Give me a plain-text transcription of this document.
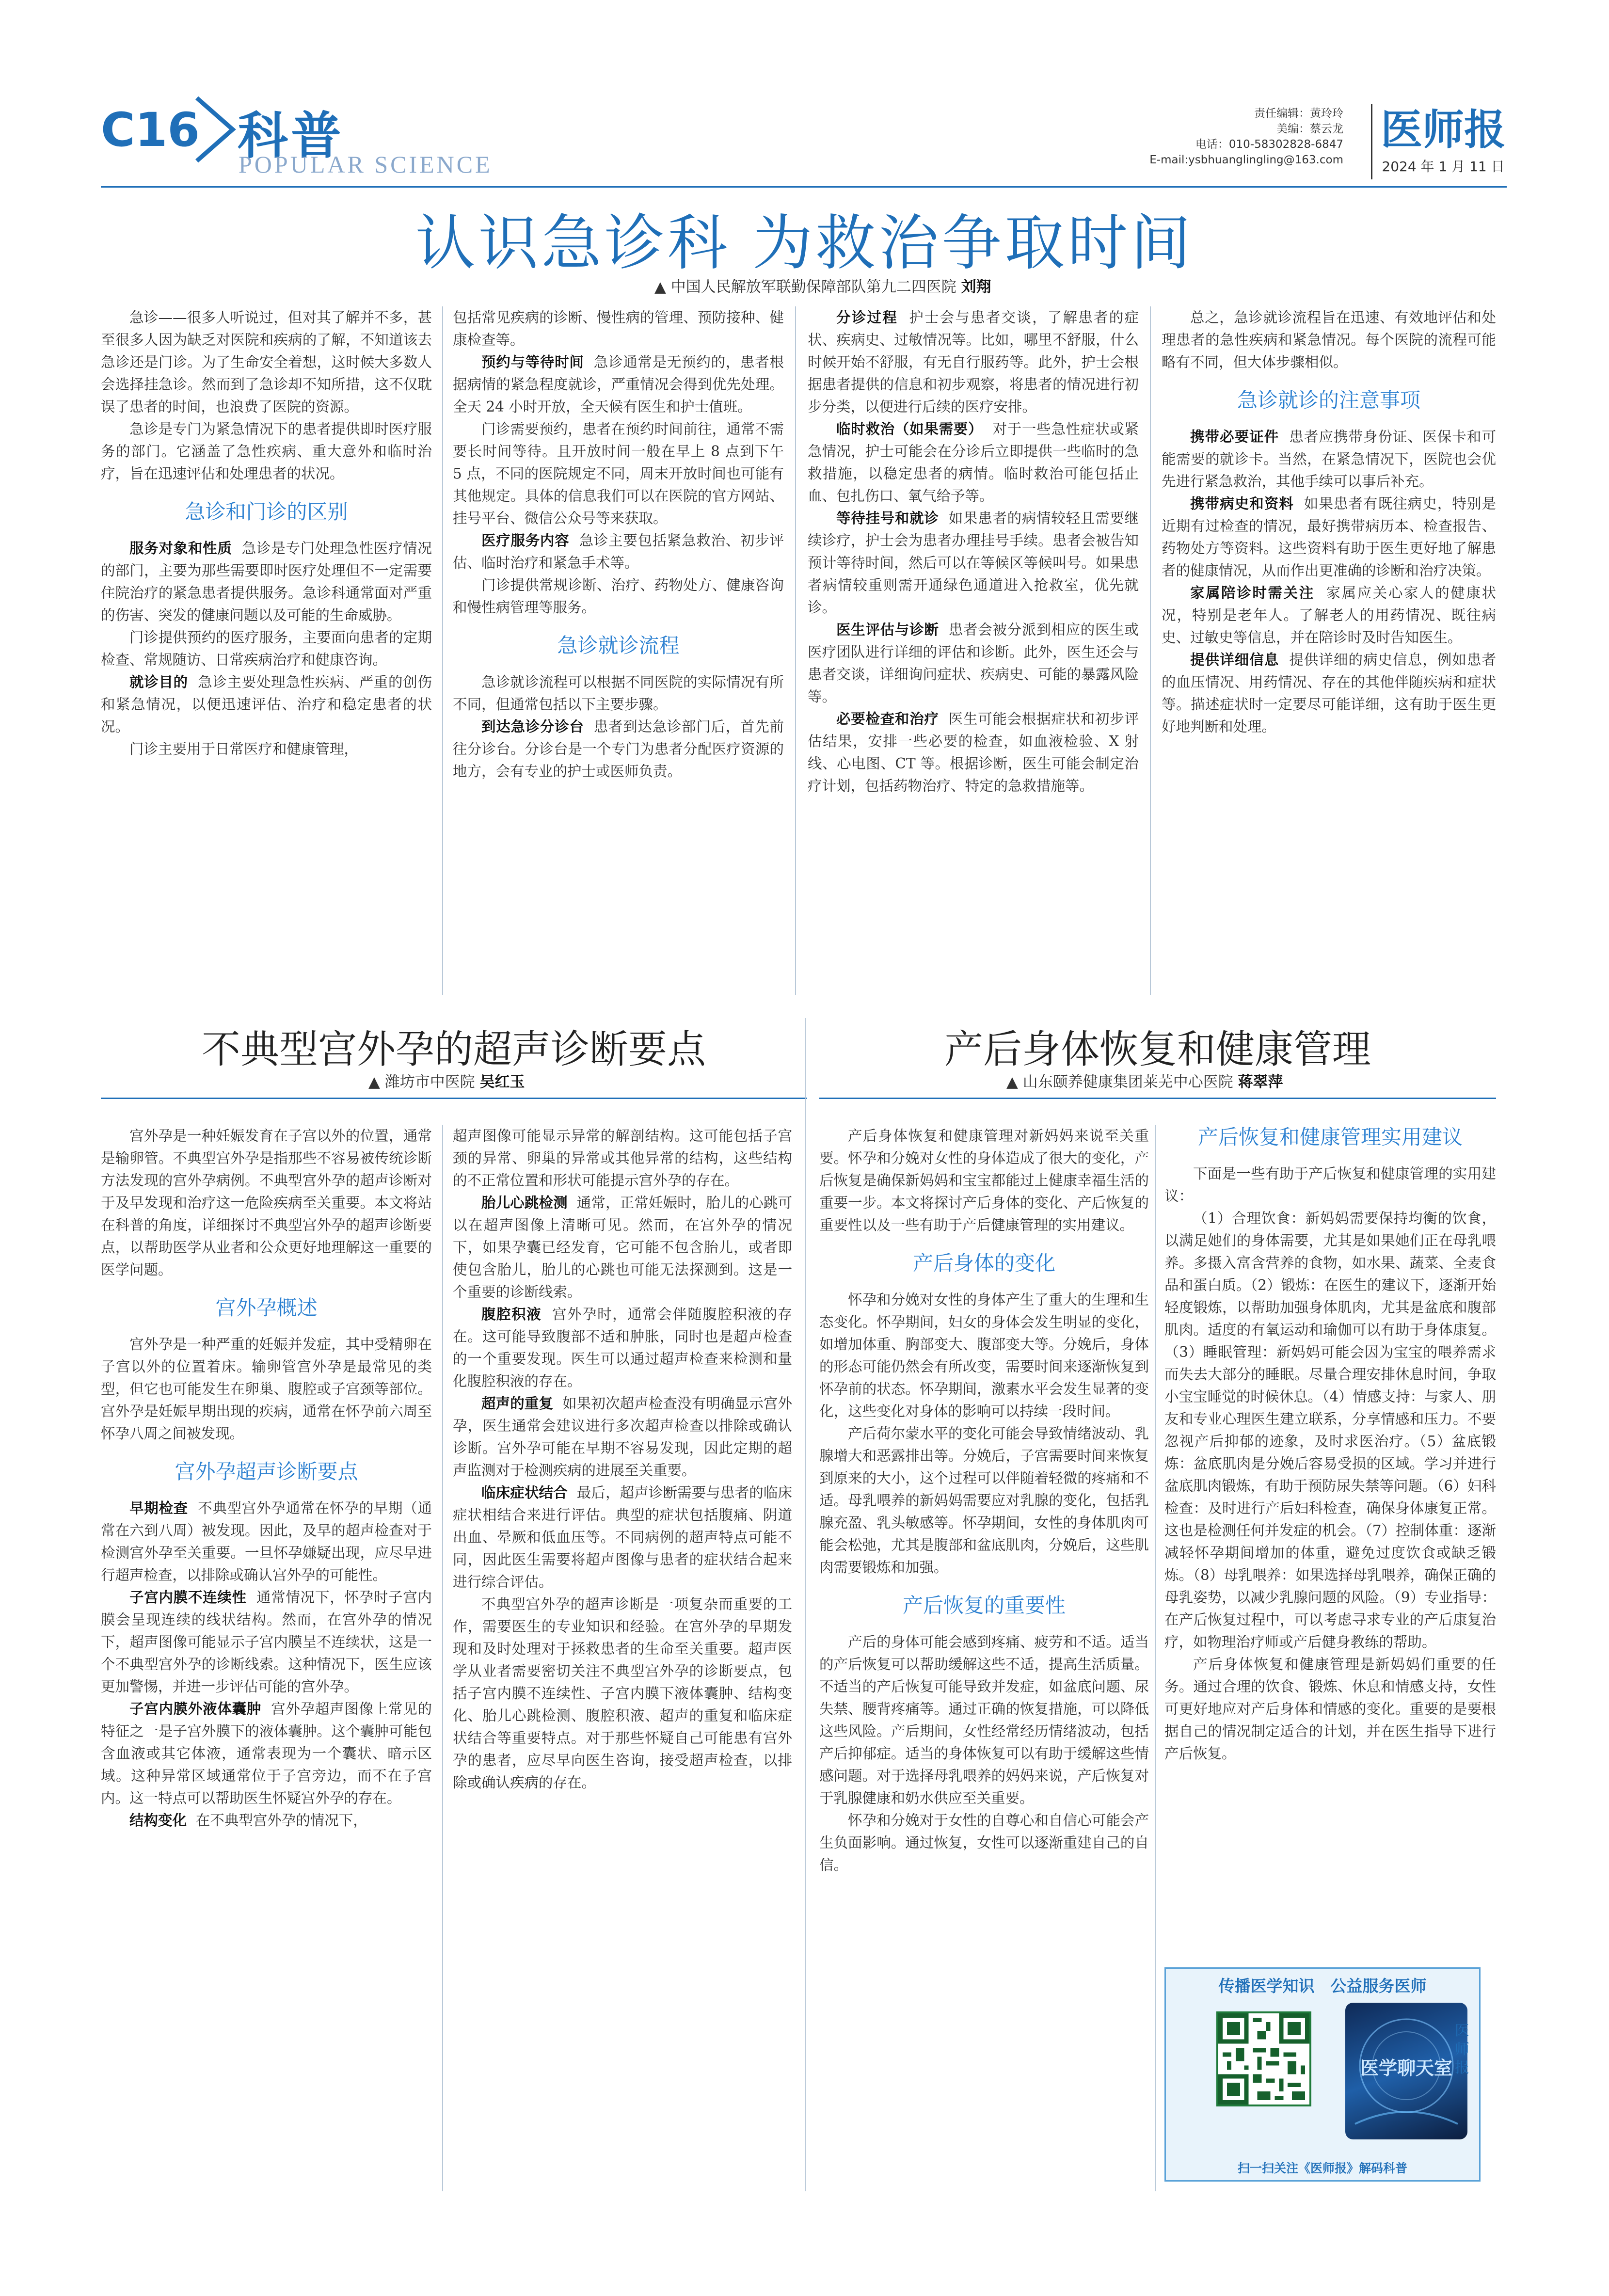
C16 科普
POPULAR SCIENCE
责任编辑：黄玲玲
美编：蔡云龙
电话：010-58302828-6847
E-mail:ysbhuanglingling@163.com
医师报
2024 年 1 月 11 日
认识急诊科 为救治争取时间
▲ 中国人民解放军联勤保障部队第九二四医院 刘翔

急诊——很多人听说过，但对其了解并不多，甚至很多人因为缺乏对医院和疾病的了解，不知道该去急诊还是门诊。为了生命安全着想，这时候大多数人会选择挂急诊。然而到了急诊却不知所措，这不仅耽误了患者的时间，也浪费了医院的资源。

急诊是专门为紧急情况下的患者提供即时医疗服务的部门。它涵盖了急性疾病、重大意外和临时治疗，旨在迅速评估和处理患者的状况。

急诊和门诊的区别

服务对象和性质 急诊是专门处理急性医疗情况的部门，主要为那些需要即时医疗处理但不一定需要住院治疗的紧急患者提供服务。急诊科通常面对严重的伤害、突发的健康问题以及可能的生命威胁。

门诊提供预约的医疗服务，主要面向患者的定期检查、常规随访、日常疾病治疗和健康咨询。

就诊目的 急诊主要处理急性疾病、严重的创伤和紧急情况，以便迅速评估、治疗和稳定患者的状况。

门诊主要用于日常医疗和健康管理，

包括常见疾病的诊断、慢性病的管理、预防接种、健康检查等。

预约与等待时间 急诊通常是无预约的，患者根据病情的紧急程度就诊，严重情况会得到优先处理。全天 24 小时开放，全天候有医生和护士值班。

门诊需要预约，患者在预约时间前往，通常不需要长时间等待。且开放时间一般在早上 8 点到下午 5 点，不同的医院规定不同，周末开放时间也可能有其他规定。具体的信息我们可以在医院的官方网站、挂号平台、微信公众号等来获取。

医疗服务内容 急诊主要包括紧急救治、初步评估、临时治疗和紧急手术等。

门诊提供常规诊断、治疗、药物处方、健康咨询和慢性病管理等服务。

急诊就诊流程

急诊就诊流程可以根据不同医院的实际情况有所不同，但通常包括以下主要步骤。

到达急诊分诊台 患者到达急诊部门后，首先前往分诊台。分诊台是一个专门为患者分配医疗资源的地方，会有专业的护士或医师负责。

分诊过程 护士会与患者交谈，了解患者的症状、疾病史、过敏情况等。比如，哪里不舒服，什么时候开始不舒服，有无自行服药等。此外，护士会根据患者提供的信息和初步观察，将患者的情况进行初步分类，以便进行后续的医疗安排。

临时救治（如果需要） 对于一些急性症状或紧急情况，护士可能会在分诊后立即提供一些临时的急救措施，以稳定患者的病情。临时救治可能包括止血、包扎伤口、氧气给予等。

等待挂号和就诊 如果患者的病情较轻且需要继续诊疗，护士会为患者办理挂号手续。患者会被告知预计等待时间，然后可以在等候区等候叫号。如果患者病情较重则需开通绿色通道进入抢救室，优先就诊。

医生评估与诊断 患者会被分派到相应的医生或医疗团队进行详细的评估和诊断。此外，医生还会与患者交谈，详细询问症状、疾病史、可能的暴露风险等。

必要检查和治疗 医生可能会根据症状和初步评估结果，安排一些必要的检查，如血液检验、X 射线、心电图、CT 等。根据诊断，医生可能会制定治疗计划，包括药物治疗、特定的急救措施等。

总之，急诊就诊流程旨在迅速、有效地评估和处理患者的急性疾病和紧急情况。每个医院的流程可能略有不同，但大体步骤相似。

急诊就诊的注意事项

携带必要证件 患者应携带身份证、医保卡和可能需要的就诊卡。当然，在紧急情况下，医院也会优先进行紧急救治，其他手续可以事后补充。

携带病史和资料 如果患者有既往病史，特别是近期有过检查的情况，最好携带病历本、检查报告、药物处方等资料。这些资料有助于医生更好地了解患者的健康情况，从而作出更准确的诊断和治疗决策。

家属陪诊时需关注 家属应关心家人的健康状况，特别是老年人。了解老人的用药情况、既往病史、过敏史等信息，并在陪诊时及时告知医生。

提供详细信息 提供详细的病史信息，例如患者的血压情况、用药情况、存在的其他伴随疾病和症状等。描述症状时一定要尽可能详细，这有助于医生更好地判断和处理。

不典型宫外孕的超声诊断要点
▲ 潍坊市中医院 吴红玉

宫外孕是一种妊娠发育在子宫以外的位置，通常是输卵管。不典型宫外孕是指那些不容易被传统诊断方法发现的宫外孕病例。不典型宫外孕的超声诊断对于及早发现和治疗这一危险疾病至关重要。本文将站在科普的角度，详细探讨不典型宫外孕的超声诊断要点，以帮助医学从业者和公众更好地理解这一重要的医学问题。

宫外孕概述

宫外孕是一种严重的妊娠并发症，其中受精卵在子宫以外的位置着床。输卵管宫外孕是最常见的类型，但它也可能发生在卵巢、腹腔或子宫颈等部位。宫外孕是妊娠早期出现的疾病，通常在怀孕前六周至怀孕八周之间被发现。

宫外孕超声诊断要点

早期检查 不典型宫外孕通常在怀孕的早期（通常在六到八周）被发现。因此，及早的超声检查对于检测宫外孕至关重要。一旦怀孕嫌疑出现，应尽早进行超声检查，以排除或确认宫外孕的可能性。

子宫内膜不连续性 通常情况下，怀孕时子宫内膜会呈现连续的线状结构。然而，在宫外孕的情况下，超声图像可能显示子宫内膜呈不连续状，这是一个不典型宫外孕的诊断线索。这种情况下，医生应该更加警惕，并进一步评估可能的宫外孕。

子宫内膜外液体囊肿 宫外孕超声图像上常见的特征之一是子宫外膜下的液体囊肿。这个囊肿可能包含血液或其它体液，通常表现为一个囊状、暗示区域。这种异常区域通常位于子宫旁边，而不在子宫内。这一特点可以帮助医生怀疑宫外孕的存在。

结构变化 在不典型宫外孕的情况下，

超声图像可能显示异常的解剖结构。这可能包括子宫颈的异常、卵巢的异常或其他异常的结构，这些结构的不正常位置和形状可能提示宫外孕的存在。

胎儿心跳检测 通常，正常妊娠时，胎儿的心跳可以在超声图像上清晰可见。然而，在宫外孕的情况下，如果孕囊已经发育，它可能不包含胎儿，或者即使包含胎儿，胎儿的心跳也可能无法探测到。这是一个重要的诊断线索。

腹腔积液 宫外孕时，通常会伴随腹腔积液的存在。这可能导致腹部不适和肿胀，同时也是超声检查的一个重要发现。医生可以通过超声检查来检测和量化腹腔积液的存在。

超声的重复 如果初次超声检查没有明确显示宫外孕，医生通常会建议进行多次超声检查以排除或确认诊断。宫外孕可能在早期不容易发现，因此定期的超声监测对于检测疾病的进展至关重要。

临床症状结合 最后，超声诊断需要与患者的临床症状相结合来进行评估。典型的症状包括腹痛、阴道出血、晕厥和低血压等。不同病例的超声特点可能不同，因此医生需要将超声图像与患者的症状结合起来进行综合评估。

不典型宫外孕的超声诊断是一项复杂而重要的工作，需要医生的专业知识和经验。在宫外孕的早期发现和及时处理对于拯救患者的生命至关重要。超声医学从业者需要密切关注不典型宫外孕的诊断要点，包括子宫内膜不连续性、子宫内膜下液体囊肿、结构变化、胎儿心跳检测、腹腔积液、超声的重复和临床症状结合等重要特点。对于那些怀疑自己可能患有宫外孕的患者，应尽早向医生咨询，接受超声检查，以排除或确认疾病的存在。

产后身体恢复和健康管理
▲ 山东颐养健康集团莱芜中心医院 蒋翠萍

产后身体恢复和健康管理对新妈妈来说至关重要。怀孕和分娩对女性的身体造成了很大的变化，产后恢复是确保新妈妈和宝宝都能过上健康幸福生活的重要一步。本文将探讨产后身体的变化、产后恢复的重要性以及一些有助于产后健康管理的实用建议。

产后身体的变化

怀孕和分娩对女性的身体产生了重大的生理和生态变化。怀孕期间，妇女的身体会发生明显的变化，如增加体重、胸部变大、腹部变大等。分娩后，身体的形态可能仍然会有所改变，需要时间来逐渐恢复到怀孕前的状态。怀孕期间，激素水平会发生显著的变化，这些变化对身体的影响可以持续一段时间。

产后荷尔蒙水平的变化可能会导致情绪波动、乳腺增大和恶露排出等。分娩后，子宫需要时间来恢复到原来的大小，这个过程可以伴随着轻微的疼痛和不适。母乳喂养的新妈妈需要应对乳腺的变化，包括乳腺充盈、乳头敏感等。怀孕期间，女性的身体肌肉可能会松弛，尤其是腹部和盆底肌肉，分娩后，这些肌肉需要锻炼和加强。

产后恢复的重要性

产后的身体可能会感到疼痛、疲劳和不适。适当的产后恢复可以帮助缓解这些不适，提高生活质量。不适当的产后恢复可能导致并发症，如盆底问题、尿失禁、腰背疼痛等。通过正确的恢复措施，可以降低这些风险。产后期间，女性经常经历情绪波动，包括产后抑郁症。适当的身体恢复可以有助于缓解这些情感问题。对于选择母乳喂养的妈妈来说，产后恢复对于乳腺健康和奶水供应至关重要。

怀孕和分娩对于女性的自尊心和自信心可能会产生负面影响。通过恢复，女性可以逐渐重建自己的自信。

产后恢复和健康管理实用建议

下面是一些有助于产后恢复和健康管理的实用建议：

（1）合理饮食：新妈妈需要保持均衡的饮食，以满足她们的身体需要，尤其是如果她们正在母乳喂养。多摄入富含营养的食物，如水果、蔬菜、全麦食品和蛋白质。（2）锻炼：在医生的建议下，逐渐开始轻度锻炼，以帮助加强身体肌肉，尤其是盆底和腹部肌肉。适度的有氧运动和瑜伽可以有助于身体康复。（3）睡眠管理：新妈妈可能会因为宝宝的喂养需求而失去大部分的睡眠。尽量合理安排休息时间，争取小宝宝睡觉的时候休息。（4）情感支持：与家人、朋友和专业心理医生建立联系，分享情感和压力。不要忽视产后抑郁的迹象，及时求医治疗。（5）盆底锻炼：盆底肌肉是分娩后容易受损的区域。学习并进行盆底肌肉锻炼，有助于预防尿失禁等问题。（6）妇科检查：及时进行产后妇科检查，确保身体康复正常。这也是检测任何并发症的机会。（7）控制体重：逐渐减轻怀孕期间增加的体重，避免过度饮食或缺乏锻炼。（8）母乳喂养：如果选择母乳喂养，确保正确的母乳姿势，以减少乳腺问题的风险。（9）专业指导：在产后恢复过程中，可以考虑寻求专业的产后康复治疗，如物理治疗师或产后健身教练的帮助。

产后身体恢复和健康管理是新妈妈们重要的任务。通过合理的饮食、锻炼、休息和情感支持，女性可更好地应对产后身体和情感的变化。重要的是要根据自己的情况制定适合的计划，并在医生指导下进行产后恢复。

传播医学知识　公益服务医师
医学聊天室
医师报
扫一扫关注《医师报》解码科普
